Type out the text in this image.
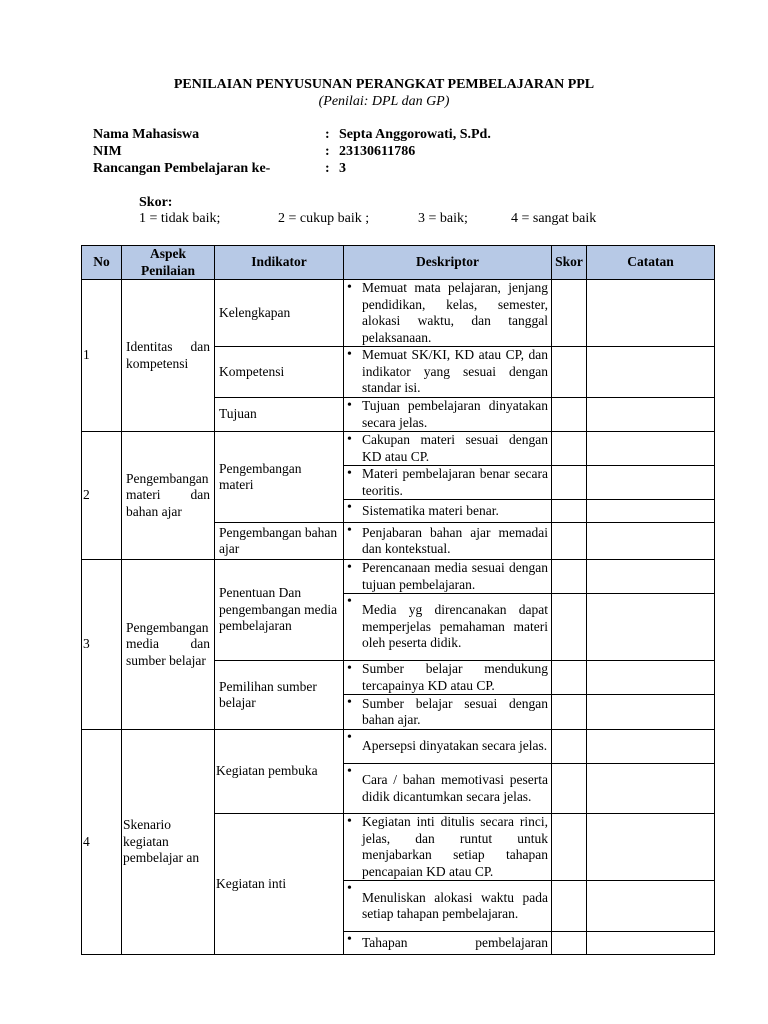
PENILAIAN PENYUSUNAN PERANGKAT PEMBELAJARAN PPL
(Penilai: DPL dan GP)
Nama Mahasiswa	: Septa Anggorowati, S.Pd.
NIM	: 23130611786
Rancangan Pembelajaran ke-	: 3
Skor:
1 = tidak baik;	2 = cukup baik ;	3 = baik;	4 = sangat baik
No	Aspek Penilaian	Indikator	Deskriptor	Skor	Catatan
1	Identitas dan kompetensi	Kelengkapan	• Memuat mata pelajaran, jenjang pendidikan, kelas, semester, alokasi waktu, dan tanggal pelaksanaan.		
		Kompetensi	• Memuat SK/KI, KD atau CP, dan indikator yang sesuai dengan standar isi.		
		Tujuan	• Tujuan pembelajaran dinyatakan secara jelas.		
2	Pengembangan materi dan bahan ajar	Pengembangan materi	• Cakupan materi sesuai dengan KD atau CP.		
			• Materi pembelajaran benar secara teoritis.		
			• Sistematika materi benar.		
		Pengembangan bahan ajar	• Penjabaran bahan ajar memadai dan kontekstual.		
3	Pengembangan media dan sumber belajar	Penentuan Dan pengembangan media pembelajaran	• Perencanaan media sesuai dengan tujuan pembelajaran.		
			• Media yg direncanakan dapat memperjelas pemahaman materi oleh peserta didik.		
		Pemilihan sumber belajar	• Sumber belajar mendukung tercapainya KD atau CP.		
			• Sumber belajar sesuai dengan bahan ajar.		
4	Skenario kegiatan pembelajar an	Kegiatan pembuka	• Apersepsi dinyatakan secara jelas.		
			• Cara / bahan memotivasi peserta didik dicantumkan secara jelas.		
		Kegiatan inti	• Kegiatan inti ditulis secara rinci, jelas, dan runtut untuk menjabarkan setiap tahapan pencapaian KD atau CP.		
			• Menuliskan alokasi waktu pada setiap tahapan pembelajaran.		
			• Tahapan pembelajaran		
